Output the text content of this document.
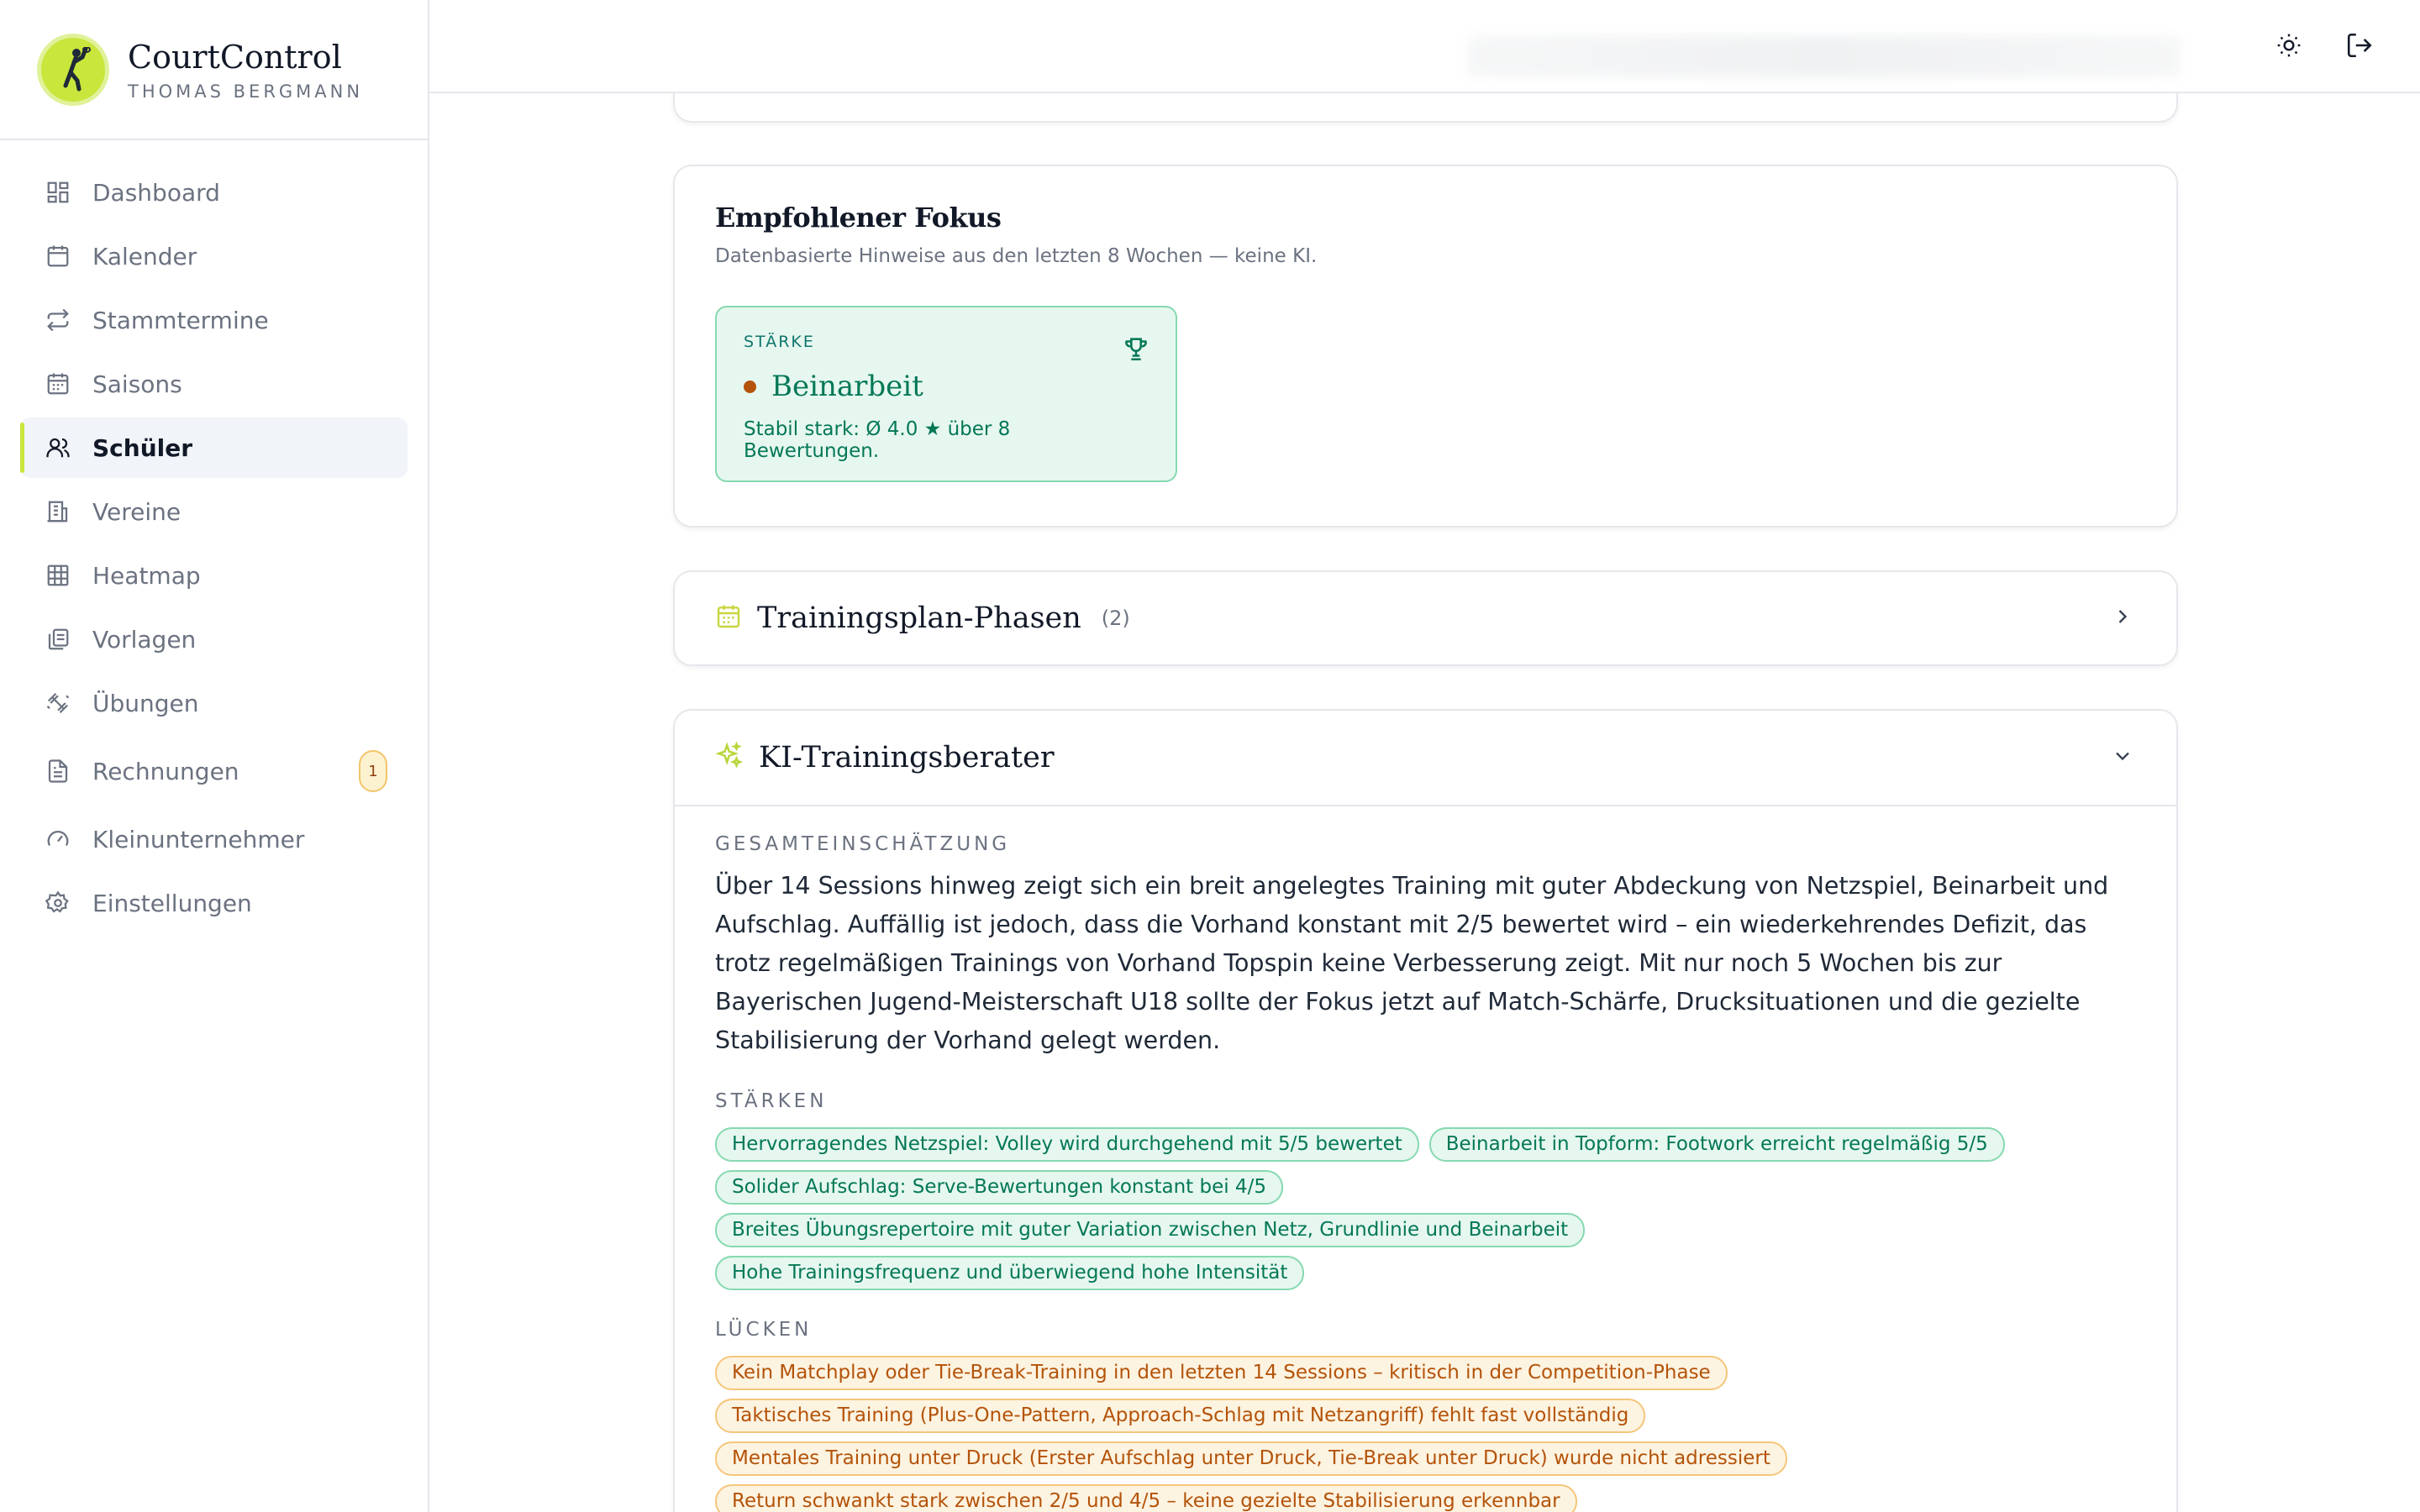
CourtControl
THOMAS BERGMANN
Dashboard
Kalender
Stammtermine
Saisons
Schüler
Vereine
Heatmap
Vorlagen
Übungen
Rechnungen	1
Kleinunternehmer
Einstellungen
Empfohlener Fokus
Datenbasierte Hinweise aus den letzten 8 Wochen — keine KI.
STÄRKE
Beinarbeit
Stabil stark: Ø 4.0 ★ über 8 Bewertungen.
Trainingsplan-Phasen (2)
KI-Trainingsberater
GESAMTEINSCHÄTZUNG

Über 14 Sessions hinweg zeigt sich ein breit angelegtes Training mit guter Abdeckung von Netzspiel, Beinarbeit und Aufschlag. Auffällig ist jedoch, dass die Vorhand konstant mit 2/5 bewertet wird – ein wiederkehrendes Defizit, das trotz regelmäßigen Trainings von Vorhand Topspin keine Verbesserung zeigt. Mit nur noch 5 Wochen bis zur Bayerischen Jugend-Meisterschaft U18 sollte der Fokus jetzt auf Match-Schärfe, Drucksituationen und die gezielte Stabilisierung der Vorhand gelegt werden.

STÄRKEN
Hervorragendes Netzspiel: Volley wird durchgehend mit 5/5 bewertet	Beinarbeit in Topform: Footwork erreicht regelmäßig 5/5
Solider Aufschlag: Serve-Bewertungen konstant bei 4/5
Breites Übungsrepertoire mit guter Variation zwischen Netz, Grundlinie und Beinarbeit
Hohe Trainingsfrequenz und überwiegend hohe Intensität
LÜCKEN
Kein Matchplay oder Tie-Break-Training in den letzten 14 Sessions – kritisch in der Competition-Phase
Taktisches Training (Plus-One-Pattern, Approach-Schlag mit Netzangriff) fehlt fast vollständig
Mentales Training unter Druck (Erster Aufschlag unter Druck, Tie-Break unter Druck) wurde nicht adressiert
Return schwankt stark zwischen 2/5 und 4/5 – keine gezielte Stabilisierung erkennbar
